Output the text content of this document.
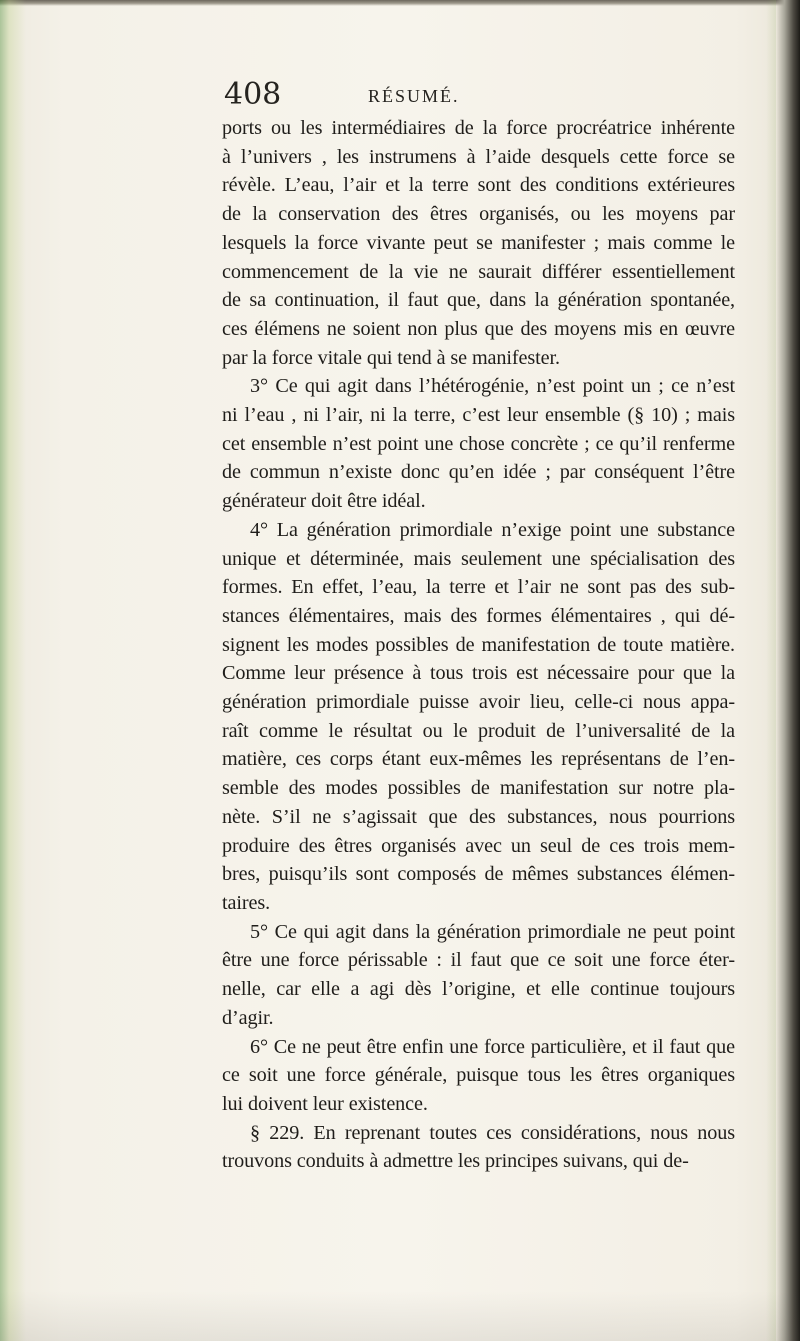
408	RÉSUMÉ.
ports ou les intermédiaires de la force procréatrice inhérente
à l’univers , les instrumens à l’aide desquels cette force se
révèle. L’eau, l’air et la terre sont des conditions extérieures
de la conservation des êtres organisés, ou les moyens par
lesquels la force vivante peut se manifester ; mais comme le
commencement de la vie ne saurait différer essentiellement
de sa continuation, il faut que, dans la génération spontanée,
ces élémens ne soient non plus que des moyens mis en œuvre
par la force vitale qui tend à se manifester.
3° Ce qui agit dans l’hétérogénie, n’est point un ; ce n’est
ni l’eau , ni l’air, ni la terre, c’est leur ensemble (§ 10) ; mais
cet ensemble n’est point une chose concrète ; ce qu’il renferme
de commun n’existe donc qu’en idée ; par conséquent l’être
générateur doit être idéal.
4° La génération primordiale n’exige point une substance
unique et déterminée, mais seulement une spécialisation des
formes. En effet, l’eau, la terre et l’air ne sont pas des sub-
stances élémentaires, mais des formes élémentaires , qui dé-
signent les modes possibles de manifestation de toute matière.
Comme leur présence à tous trois est nécessaire pour que la
génération primordiale puisse avoir lieu, celle-ci nous appa-
raît comme le résultat ou le produit de l’universalité de la
matière, ces corps étant eux-mêmes les représentans de l’en-
semble des modes possibles de manifestation sur notre pla-
nète. S’il ne s’agissait que des substances, nous pourrions
produire des êtres organisés avec un seul de ces trois mem-
bres, puisqu’ils sont composés de mêmes substances élémen-
taires.
5° Ce qui agit dans la génération primordiale ne peut point
être une force périssable : il faut que ce soit une force éter-
nelle, car elle a agi dès l’origine, et elle continue toujours
d’agir.
6° Ce ne peut être enfin une force particulière, et il faut que
ce soit une force générale, puisque tous les êtres organiques
lui doivent leur existence.
§ 229. En reprenant toutes ces considérations, nous nous
trouvons conduits à admettre les principes suivans, qui de-
